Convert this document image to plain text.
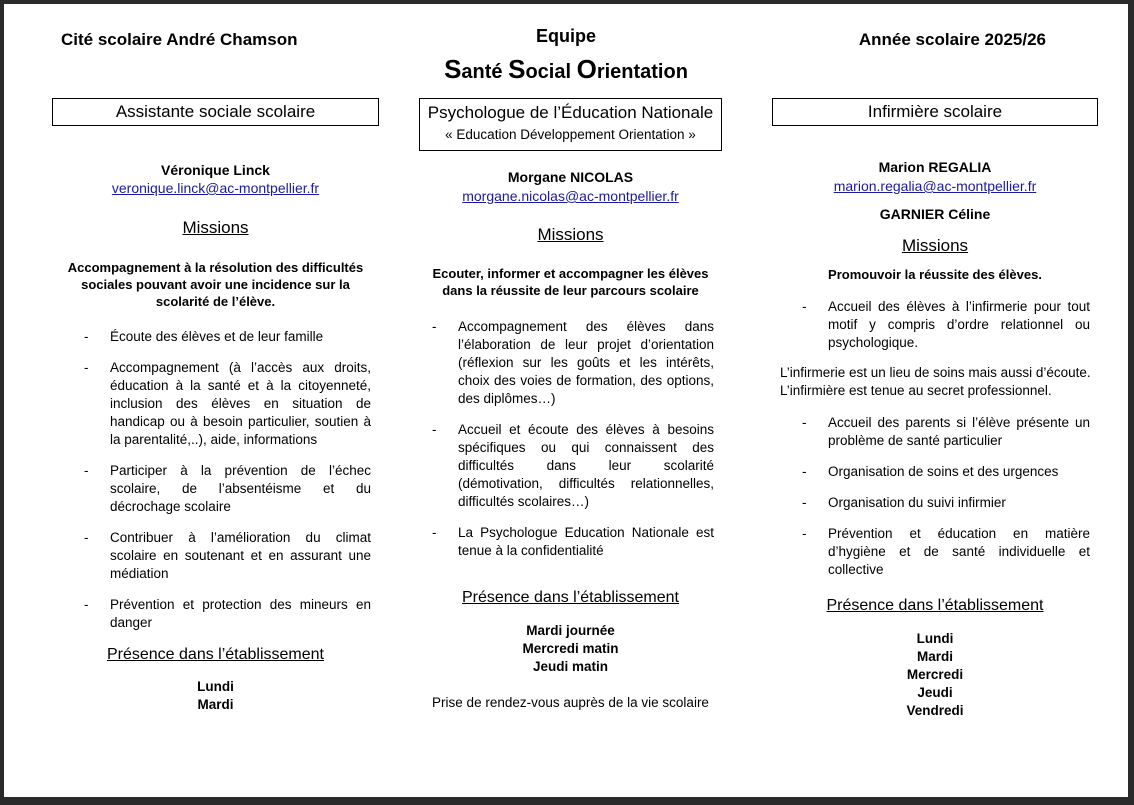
Cité scolaire André Chamson	Equipe
Santé Social Orientation
Année scolaire 2025/26
Assistante sociale scolaire
Véronique Linck
veronique.linck@ac-montpellier.fr
Missions
Accompagnement à la résolution des difficultés sociales pouvant avoir une incidence sur la scolarité de l’élève.
- Écoute des élèves et de leur famille
- Accompagnement (à l’accès aux droits, éducation à la santé et à la citoyenneté, inclusion des élèves en situation de handicap ou à besoin particulier, soutien à la parentalité,..), aide, informations
- Participer à la prévention de l’échec scolaire, de l’absentéisme et du décrochage scolaire
- Contribuer à l’amélioration du climat scolaire en soutenant et en assurant une médiation
- Prévention et protection des mineurs en danger
Présence dans l’établissement
Lundi
Mardi
Psychologue de l’Éducation Nationale
« Education Développement Orientation »
Morgane NICOLAS
morgane.nicolas@ac-montpellier.fr
Missions
Ecouter, informer et accompagner les élèves dans la réussite de leur parcours scolaire
- Accompagnement des élèves dans l’élaboration de leur projet d’orientation (réflexion sur les goûts et les intérêts, choix des voies de formation, des options, des diplômes…)
- Accueil et écoute des élèves à besoins spécifiques ou qui connaissent des difficultés dans leur scolarité (démotivation, difficultés relationnelles, difficultés scolaires…)
- La Psychologue Education Nationale est tenue à la confidentialité
Présence dans l’établissement
Mardi journée
Mercredi matin
Jeudi matin
Prise de rendez-vous auprès de la vie scolaire
Infirmière scolaire
Marion REGALIA
marion.regalia@ac-montpellier.fr
GARNIER Céline
Missions
Promouvoir la réussite des élèves.
- Accueil des élèves à l’infirmerie pour tout motif y compris d’ordre relationnel ou psychologique.
L’infirmerie est un lieu de soins mais aussi d’écoute. L’infirmière est tenue au secret professionnel.
- Accueil des parents si l’élève présente un problème de santé particulier
- Organisation de soins et des urgences
- Organisation du suivi infirmier
- Prévention et éducation en matière d’hygiène et de santé individuelle et collective
Présence dans l’établissement
Lundi
Mardi
Mercredi
Jeudi
Vendredi
